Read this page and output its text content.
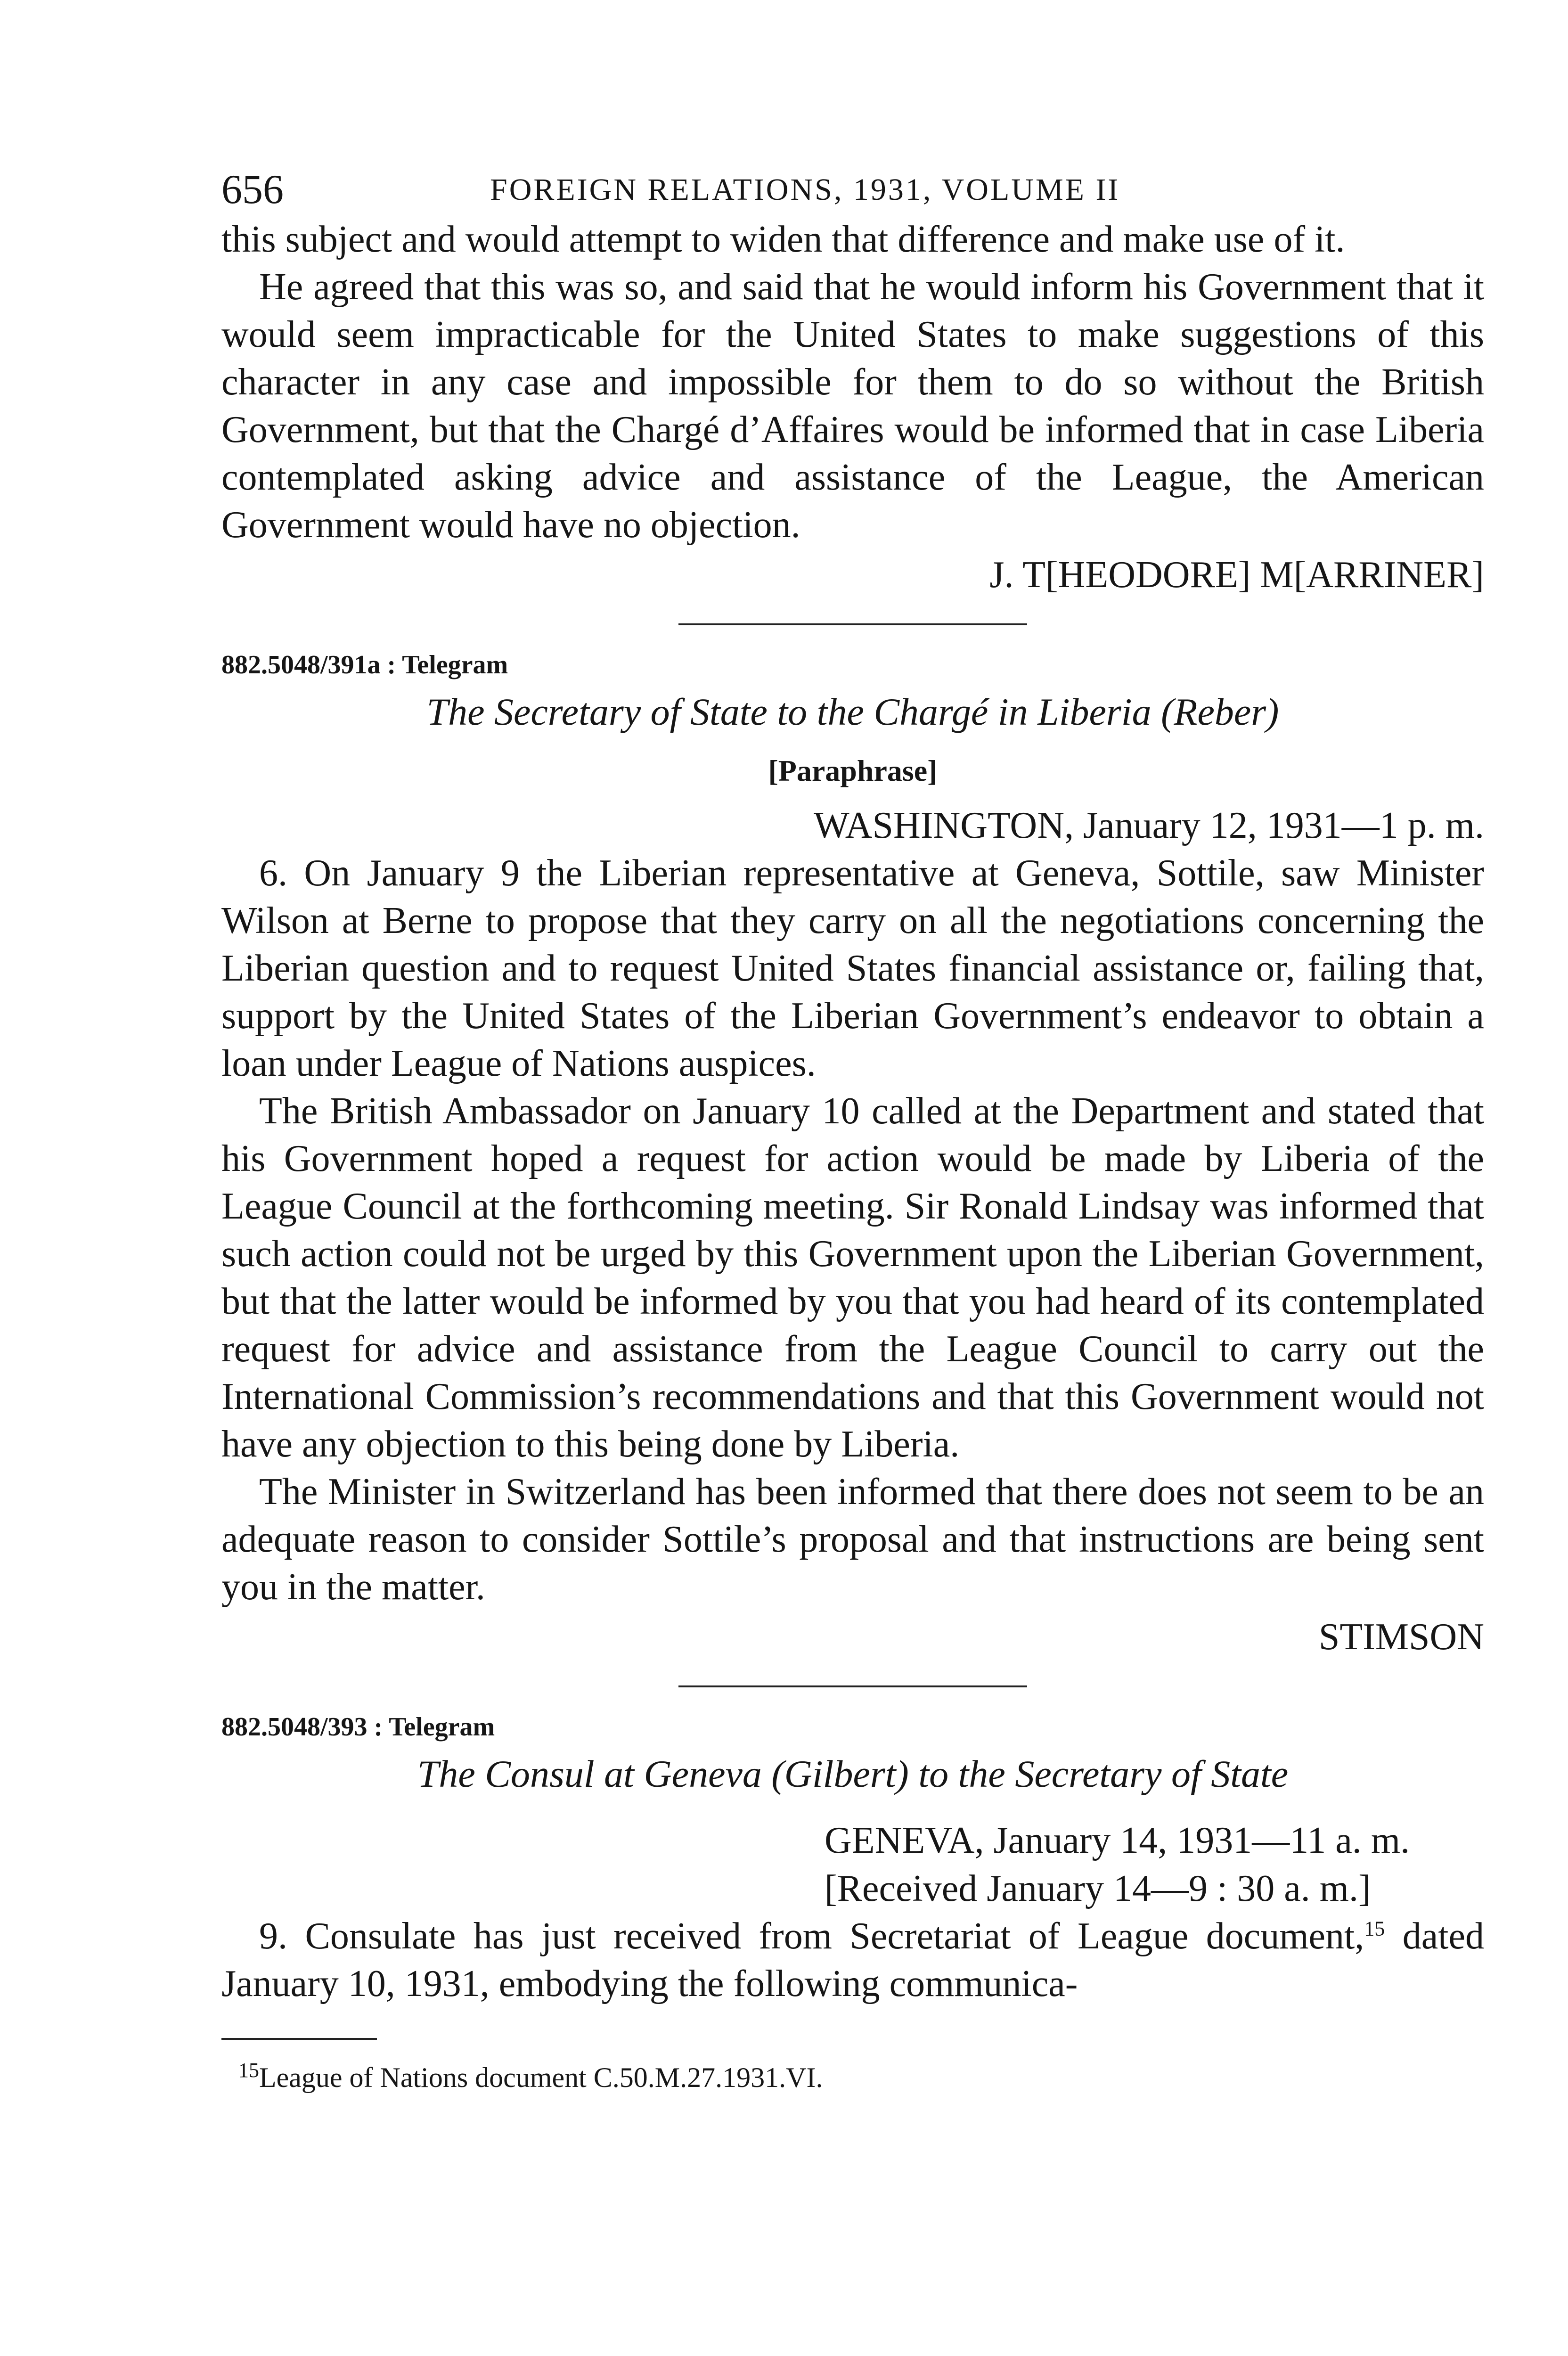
656	FOREIGN RELATIONS, 1931, VOLUME II

this subject and would attempt to widen that difference and make use of it.

He agreed that this was so, and said that he would inform his Government that it would seem impracticable for the United States to make suggestions of this character in any case and impossible for them to do so without the British Government, but that the Chargé d’Affaires would be informed that in case Liberia contemplated asking advice and assistance of the League, the American Government would have no objection.

J. T[HEODORE] M[ARRINER]
882.5048/391a : Telegram
The Secretary of State to the Chargé in Liberia (Reber)
[Paraphrase]
WASHINGTON, January 12, 1931—1 p. m.

6. On January 9 the Liberian representative at Geneva, Sottile, saw Minister Wilson at Berne to propose that they carry on all the negotiations concerning the Liberian question and to request United States financial assistance or, failing that, support by the United States of the Liberian Government’s endeavor to obtain a loan under League of Nations auspices.

The British Ambassador on January 10 called at the Department and stated that his Government hoped a request for action would be made by Liberia of the League Council at the forthcoming meeting. Sir Ronald Lindsay was informed that such action could not be urged by this Government upon the Liberian Government, but that the latter would be informed by you that you had heard of its contemplated request for advice and assistance from the League Council to carry out the International Commission’s recommendations and that this Government would not have any objection to this being done by Liberia.

The Minister in Switzerland has been informed that there does not seem to be an adequate reason to consider Sottile’s proposal and that instructions are being sent you in the matter.

STIMSON
882.5048/393 : Telegram
The Consul at Geneva (Gilbert) to the Secretary of State
GENEVA, January 14, 1931—11 a. m.
[Received January 14—9 : 30 a. m.]

9. Consulate has just received from Secretariat of League document,$^{15}$ dated January 10, 1931, embodying the following communica-

$^{15}$League of Nations document C.50.M.27.1931.VI.
